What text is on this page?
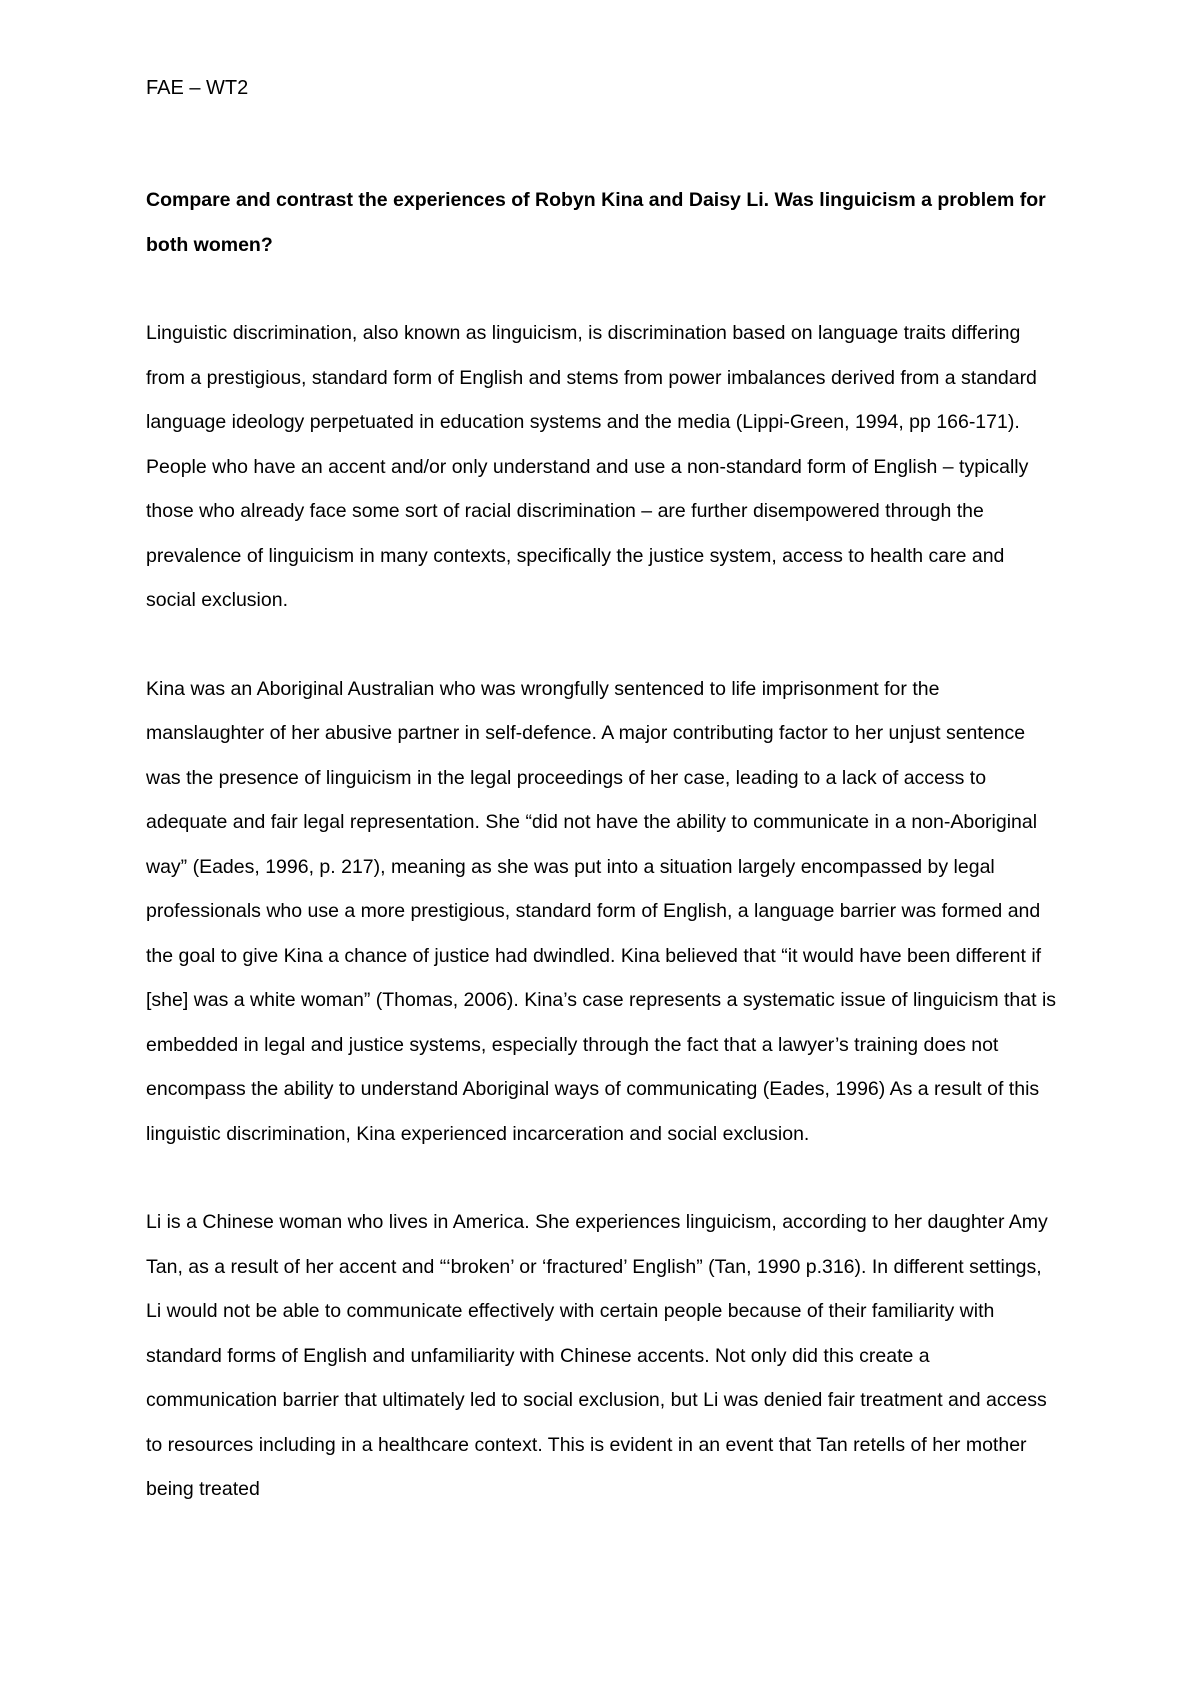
FAE – WT2

Compare and contrast the experiences of Robyn Kina and Daisy Li. Was linguicism a problem for both women?

Linguistic discrimination, also known as linguicism, is discrimination based on language traits differing from a prestigious, standard form of English and stems from power imbalances derived from a standard language ideology perpetuated in education systems and the media (Lippi-Green, 1994, pp 166-171). People who have an accent and/or only understand and use a non-standard form of English – typically those who already face some sort of racial discrimination – are further disempowered through the prevalence of linguicism in many contexts, specifically the justice system, access to health care and social exclusion.

Kina was an Aboriginal Australian who was wrongfully sentenced to life imprisonment for the manslaughter of her abusive partner in self-defence. A major contributing factor to her unjust sentence was the presence of linguicism in the legal proceedings of her case, leading to a lack of access to adequate and fair legal representation. She “did not have the ability to communicate in a non-Aboriginal way” (Eades, 1996, p. 217), meaning as she was put into a situation largely encompassed by legal professionals who use a more prestigious, standard form of English, a language barrier was formed and the goal to give Kina a chance of justice had dwindled. Kina believed that “it would have been different if [she] was a white woman” (Thomas, 2006). Kina’s case represents a systematic issue of linguicism that is embedded in legal and justice systems, especially through the fact that a lawyer’s training does not encompass the ability to understand Aboriginal ways of communicating (Eades, 1996) As a result of this linguistic discrimination, Kina experienced incarceration and social exclusion.

Li is a Chinese woman who lives in America. She experiences linguicism, according to her daughter Amy Tan, as a result of her accent and “‘broken’ or ‘fractured’ English” (Tan, 1990 p.316). In different settings, Li would not be able to communicate effectively with certain people because of their familiarity with standard forms of English and unfamiliarity with Chinese accents. Not only did this create a communication barrier that ultimately led to social exclusion, but Li was denied fair treatment and access to resources including in a healthcare context. This is evident in an event that Tan retells of her mother being treated
